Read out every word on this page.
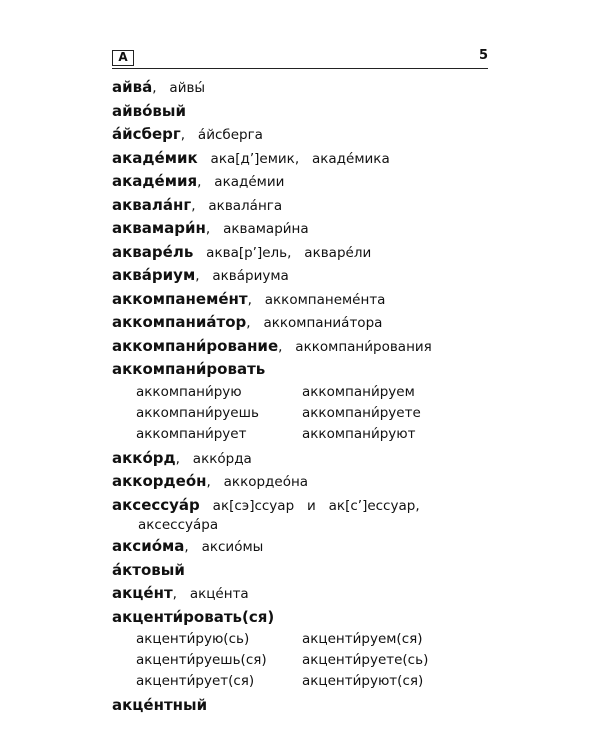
А	5
айва́,   айвы́
айво́вый
а́йсберг,   а́йсберга
акаде́мик   ака[д’]емик,   акаде́мика
акаде́мия,   акаде́мии
аквала́нг,   аквала́нга
аквамари́н,   аквамари́на
акваре́ль   аква[р’]ель,   акваре́ли
аква́риум,   аква́риума
аккомпанеме́нт,   аккомпанеме́нта
аккомпаниа́тор,   аккомпаниа́тора
аккомпани́рование,   аккомпани́рования
аккомпани́ровать
аккомпани́рую	аккомпани́руем
аккомпани́руешь	аккомпани́руете
аккомпани́рует	аккомпани́руют
акко́рд,   акко́рда
аккордео́н,   аккордео́на
аксессуа́р   ак[сэ]ссуар   и   ак[с’]ессуар,
аксессуа́ра
аксио́ма,   аксио́мы
а́ктовый
акце́нт,   акце́нта
акценти́ровать(ся)
акценти́рую(сь)	акценти́руем(ся)
акценти́руешь(ся)	акценти́руете(сь)
акценти́рует(ся)	акценти́руют(ся)
акце́нтный
